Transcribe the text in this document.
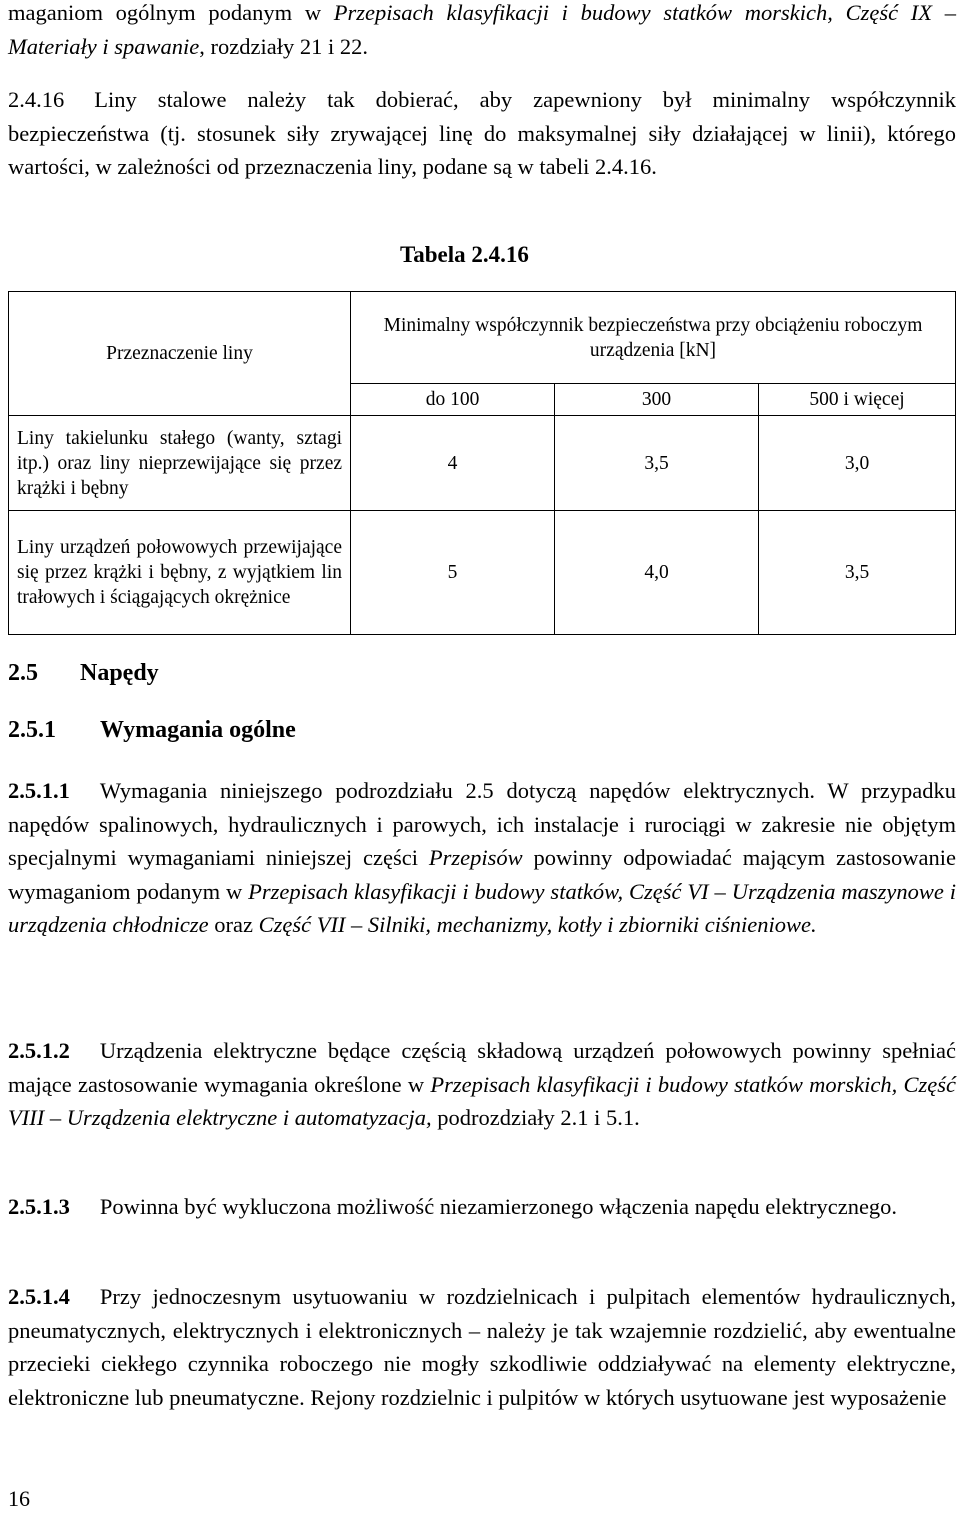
maganiom ogólnym podanym w Przepisach klasyfikacji i budowy statków morskich, Część IX – Materiały i spawanie, rozdziały 21 i 22.

2.4.16 Liny stalowe należy tak dobierać, aby zapewniony był minimalny współczynnik bezpieczeństwa (tj. stosunek siły zrywającej linę do maksymalnej siły działającej w linii), którego wartości, w zależności od przeznaczenia liny, podane są w tabeli 2.4.16.

Tabela 2.4.16
Przeznaczenie liny	Minimalny współczynnik bezpieczeństwa przy obciążeniu roboczym urządzenia [kN]		
	do 100	300	500 i więcej
Liny takielunku stałego (wanty, sztagi itp.) oraz liny nieprzewijające się przez krążki i bębny	4	3,5	3,0
Liny urządzeń połowowych przewijające się przez krążki i bębny, z wyjątkiem lin trałowych i ściągających okrężnice	5	4,0	3,5
2.5 Napędy
2.5.1 Wymagania ogólne

2.5.1.1 Wymagania niniejszego podrozdziału 2.5 dotyczą napędów elektrycznych. W przypadku napędów spalinowych, hydraulicznych i parowych, ich instalacje i rurociągi w zakresie nie objętym specjalnymi wymaganiami niniejszej części Przepisów powinny odpowiadać mającym zastosowanie wymaganiom podanym w Przepisach klasyfikacji i budowy statków, Część VI – Urządzenia maszynowe i urządzenia chłodnicze oraz Część VII – Silniki, mechanizmy, kotły i zbiorniki ciśnieniowe.

2.5.1.2 Urządzenia elektryczne będące częścią składową urządzeń połowowych powinny spełniać mające zastosowanie wymagania określone w Przepisach klasyfikacji i budowy statków morskich, Część VIII – Urządzenia elektryczne i automatyzacja, podrozdziały 2.1 i 5.1.

2.5.1.3 Powinna być wykluczona możliwość niezamierzonego włączenia napędu elektrycznego.

2.5.1.4 Przy jednoczesnym usytuowaniu w rozdzielnicach i pulpitach elementów hydraulicznych, pneumatycznych, elektrycznych i elektronicznych – należy je tak wzajemnie rozdzielić, aby ewentualne przecieki ciekłego czynnika roboczego nie mogły szkodliwie oddziaływać na elementy elektryczne, elektroniczne lub pneumatyczne. Rejony rozdzielnic i pulpitów w których usytuowane jest wyposażenie

16
